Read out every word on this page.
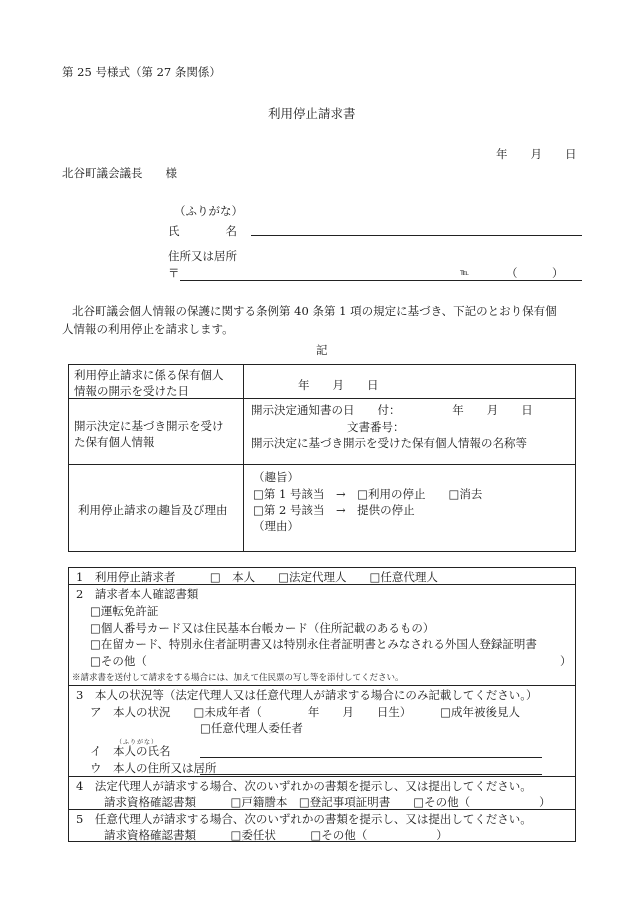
第 25 号様式（第 27 条関係）
利用停止請求書
年　　月　　日
北谷町議会議長　　様
（ふりがな）
氏　　　　名
住所又は居所
〒	℡	（　　　）
北谷町議会個人情報の保護に関する条例第 40 条第 1 項の規定に基づき、下記のとおり保有個
人情報の利用停止を請求します。
記
利用停止請求に係る保有個人
情報の開示を受けた日	年　　月　　日
開示決定に基づき開示を受け
た保有個人情報
開示決定通知書の日　　付：　　　　　年　　月　　日
文書番号：
開示決定に基づき開示を受けた保有個人情報の名称等
利用停止請求の趣旨及び理由
（趣旨）
□第 1 号該当　→　□利用の停止　　□消去
□第 2 号該当　→　提供の停止
（理由）
1　利用停止請求者　　　□　本人　　□法定代理人　　□任意代理人
2　請求者本人確認書類
□運転免許証
□個人番号カード又は住民基本台帳カード（住所記載のあるもの）
□在留カード、特別永住者証明書又は特別永住者証明書とみなされる外国人登録証明書
□その他（	）
※請求書を送付して請求をする場合には、加えて住民票の写し等を添付してください。
3　本人の状況等（法定代理人又は任意代理人が請求する場合にのみ記載してください。）
ア　本人の状況　　□未成年者（　　　　年　　月　　日生）　　　□成年被後見人
□任意代理人委任者
（ふりがな）
イ　本人の氏名
ウ　本人の住所又は居所
4　法定代理人が請求する場合、次のいずれかの書類を提示し、又は提出してください。
請求資格確認書類　　　□戸籍謄本　□登記事項証明書　　□その他（　　　　　　）
5　任意代理人が請求する場合、次のいずれかの書類を提示し、又は提出してください。
請求資格確認書類　　　□委任状　　　□その他（　　　　　　）
